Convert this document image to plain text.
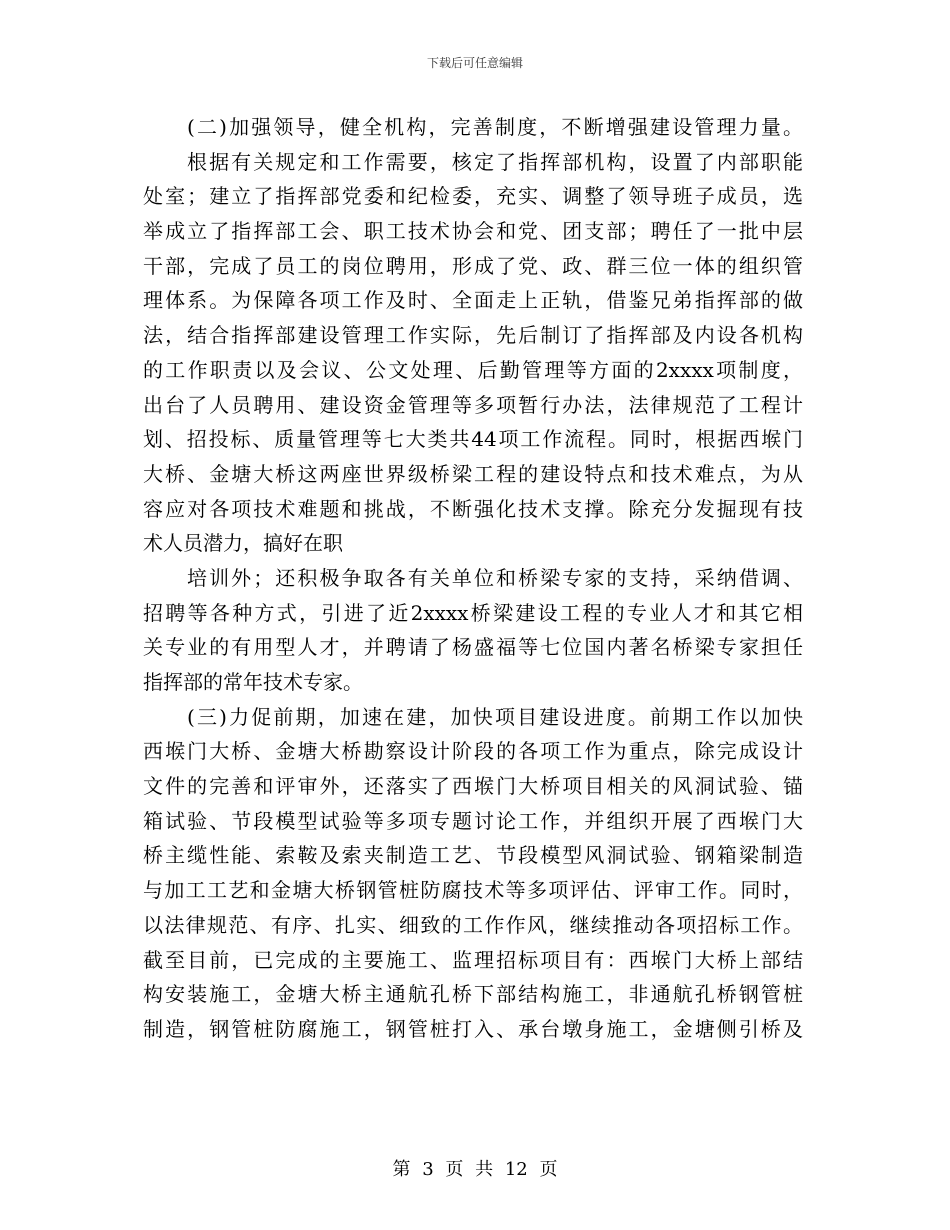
下载后可任意编辑
(二)加强领导，健全机构，完善制度，不断增强建设管理力量。
根据有关规定和工作需要，核定了指挥部机构，设置了内部职能
处室；建立了指挥部党委和纪检委，充实、调整了领导班子成员，选
举成立了指挥部工会、职工技术协会和党、团支部；聘任了一批中层
干部，完成了员工的岗位聘用，形成了党、政、群三位一体的组织管
理体系。为保障各项工作及时、全面走上正轨，借鉴兄弟指挥部的做
法，结合指挥部建设管理工作实际，先后制订了指挥部及内设各机构
的工作职责以及会议、公文处理、后勤管理等方面的2xxxx项制度，
出台了人员聘用、建设资金管理等多项暂行办法，法律规范了工程计
划、招投标、质量管理等七大类共44项工作流程。同时，根据西堠门
大桥、金塘大桥这两座世界级桥梁工程的建设特点和技术难点，为从
容应对各项技术难题和挑战，不断强化技术支撑。除充分发掘现有技
术人员潜力，搞好在职
培训外；还积极争取各有关单位和桥梁专家的支持，采纳借调、
招聘等各种方式，引进了近2xxxx桥梁建设工程的专业人才和其它相
关专业的有用型人才，并聘请了杨盛福等七位国内著名桥梁专家担任
指挥部的常年技术专家。
(三)力促前期，加速在建，加快项目建设进度。前期工作以加快
西堠门大桥、金塘大桥勘察设计阶段的各项工作为重点，除完成设计
文件的完善和评审外，还落实了西堠门大桥项目相关的风洞试验、锚
箱试验、节段模型试验等多项专题讨论工作，并组织开展了西堠门大
桥主缆性能、索鞍及索夹制造工艺、节段模型风洞试验、钢箱梁制造
与加工工艺和金塘大桥钢管桩防腐技术等多项评估、评审工作。同时，
以法律规范、有序、扎实、细致的工作作风，继续推动各项招标工作。
截至目前，已完成的主要施工、监理招标项目有：西堠门大桥上部结
构安装施工，金塘大桥主通航孔桥下部结构施工，非通航孔桥钢管桩
制造，钢管桩防腐施工，钢管桩打入、承台墩身施工，金塘侧引桥及
第 3 页 共 12 页
